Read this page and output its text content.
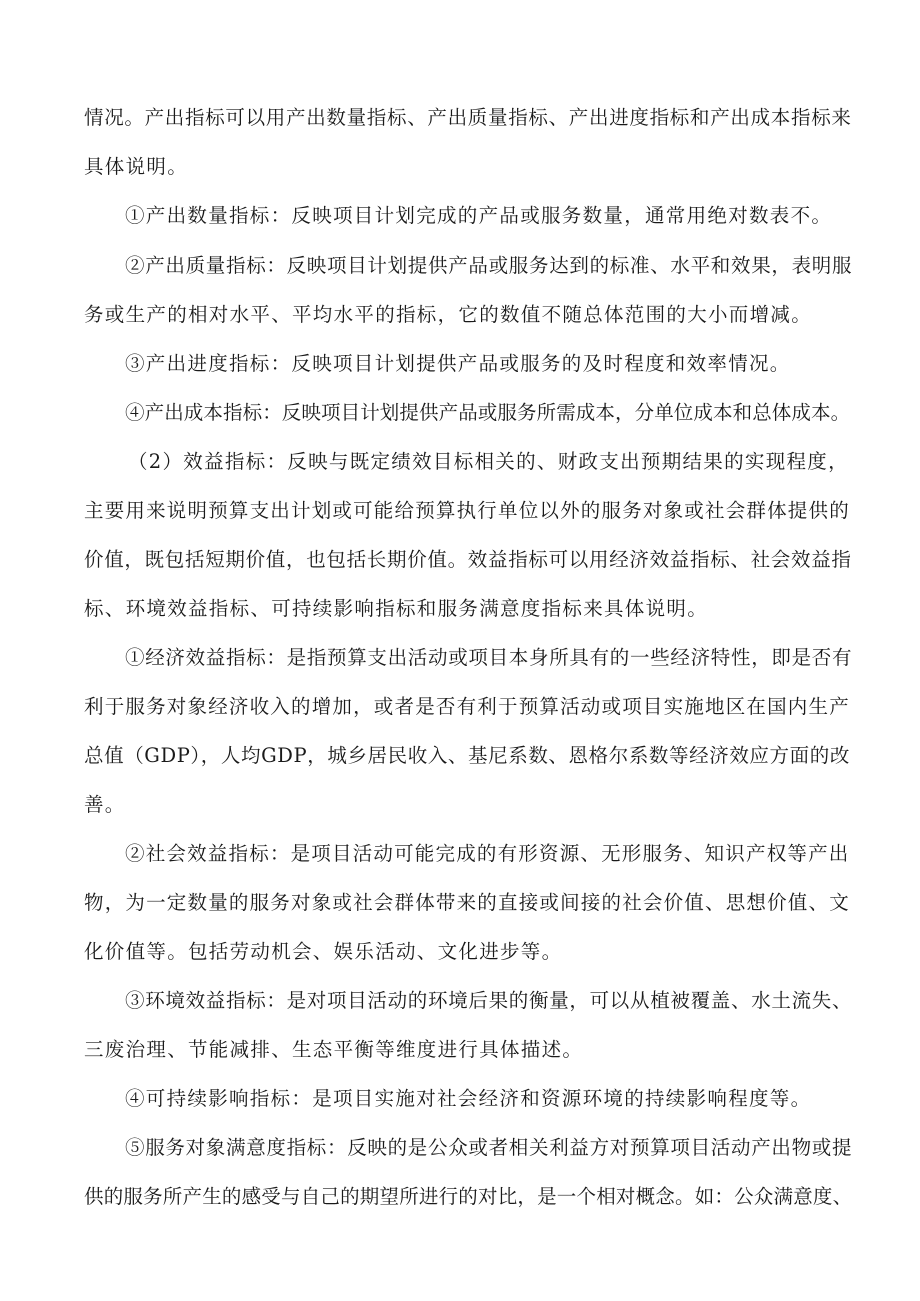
情况。产出指标可以用产出数量指标、产出质量指标、产出进度指标和产出成本指标来
具体说明。
①产出数量指标：反映项目计划完成的产品或服务数量，通常用绝对数表不。
②产出质量指标：反映项目计划提供产品或服务达到的标准、水平和效果，表明服
务或生产的相对水平、平均水平的指标，它的数值不随总体范围的大小而增减。
③产出进度指标：反映项目计划提供产品或服务的及时程度和效率情况。
④产出成本指标：反映项目计划提供产品或服务所需成本，分单位成本和总体成本。
（2）效益指标：反映与既定绩效目标相关的、财政支出预期结果的实现程度，
主要用来说明预算支出计划或可能给预算执行单位以外的服务对象或社会群体提供的
价值，既包括短期价值，也包括长期价值。效益指标可以用经济效益指标、社会效益指
标、环境效益指标、可持续影响指标和服务满意度指标来具体说明。
①经济效益指标：是指预算支出活动或项目本身所具有的一些经济特性，即是否有
利于服务对象经济收入的增加，或者是否有利于预算活动或项目实施地区在国内生产
总值（GDP），人均GDP，城乡居民收入、基尼系数、恩格尔系数等经济效应方面的改
善。
②社会效益指标：是项目活动可能完成的有形资源、无形服务、知识产权等产出
物，为一定数量的服务对象或社会群体带来的直接或间接的社会价值、思想价值、文
化价值等。包括劳动机会、娱乐活动、文化进步等。
③环境效益指标：是对项目活动的环境后果的衡量，可以从植被覆盖、水土流失、
三废治理、节能减排、生态平衡等维度进行具体描述。
④可持续影响指标：是项目实施对社会经济和资源环境的持续影响程度等。
⑤服务对象满意度指标：反映的是公众或者相关利益方对预算项目活动产出物或提
供的服务所产生的感受与自己的期望所进行的对比，是一个相对概念。如：公众满意度、
